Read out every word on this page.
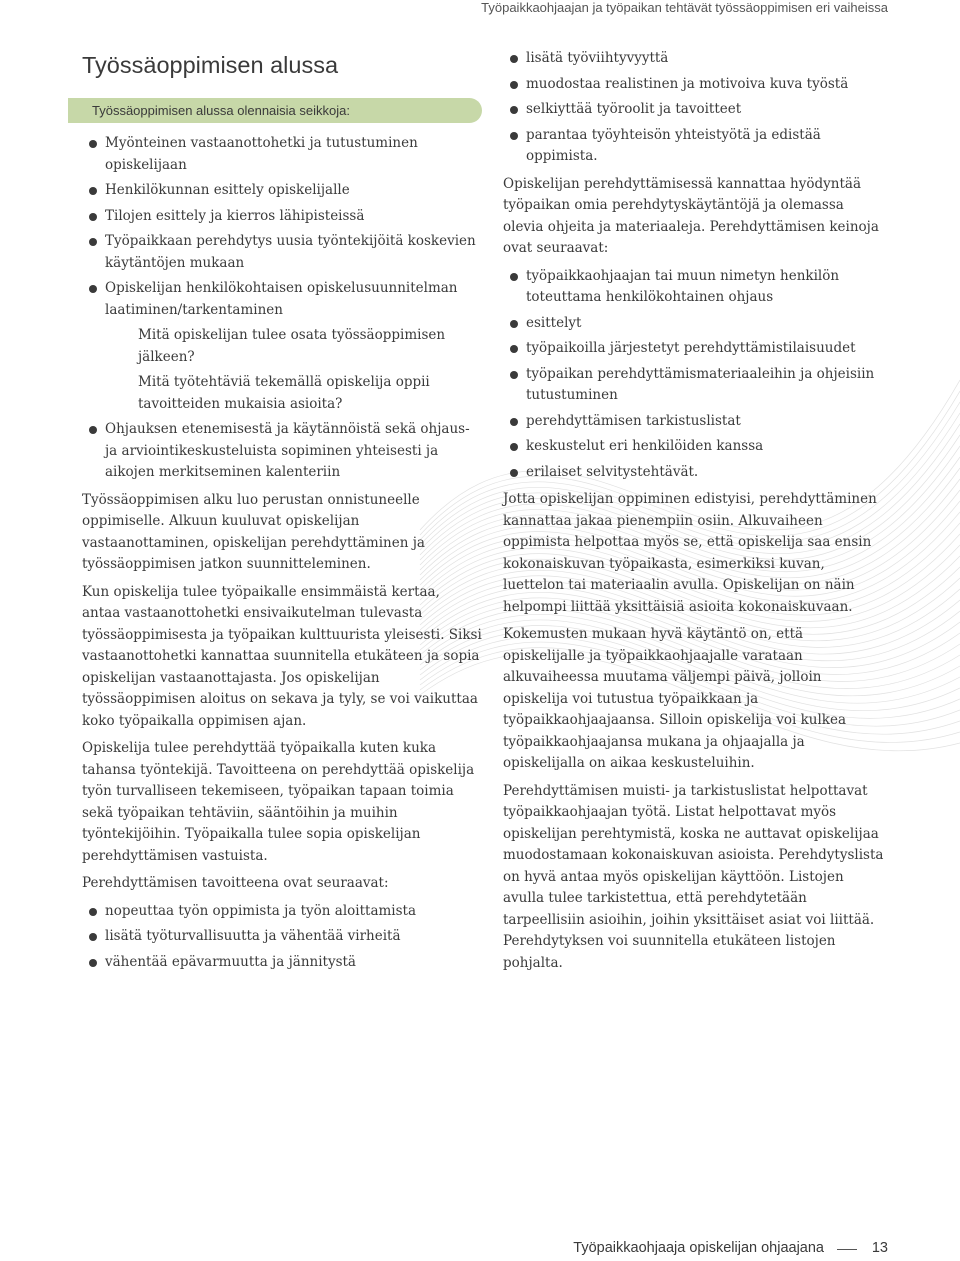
Työpaikkaohjaajan ja työpaikan tehtävät työssäoppimisen eri vaiheissa
Työssäoppimisen alussa
Työssäoppimisen alussa olennaisia seikkoja:
Myönteinen vastaanottohetki ja tutustuminen opiskelijaan
Henkilökunnan esittely opiskelijalle
Tilojen esittely ja kierros lähipisteissä
Työpaikkaan perehdytys uusia työntekijöitä koskevien käytäntöjen mukaan
Opiskelijan henkilökohtaisen opiskelusuunnitelman laatiminen/tarkentaminen
Mitä opiskelijan tulee osata työssäoppimisen jälkeen?
Mitä työtehtäviä tekemällä opiskelija oppii tavoitteiden mukaisia asioita?
Ohjauksen etenemisestä ja käytännöistä sekä ohjaus- ja arviointikeskusteluista sopiminen yhteisesti ja aikojen merkitseminen kalenteriin

Työssäoppimisen alku luo perustan onnistuneelle oppimiselle. Alkuun kuuluvat opiskelijan vastaanottaminen, opiskelijan perehdyttäminen ja työssäoppimisen jatkon suunnitteleminen.

Kun opiskelija tulee työpaikalle ensimmäistä kertaa, antaa vastaanottohetki ensivaikutelman tulevasta työssäoppimisesta ja työpaikan kulttuurista yleisesti. Siksi vastaanottohetki kannattaa suunnitella etukäteen ja sopia opiskelijan vastaanottajasta. Jos opiskelijan työssäoppimisen aloitus on sekava ja tyly, se voi vaikuttaa koko työpaikalla oppimisen ajan.

Opiskelija tulee perehdyttää työpaikalla kuten kuka tahansa työntekijä. Tavoitteena on perehdyttää opiskelija työn turvalliseen tekemiseen, työpaikan tapaan toimia sekä työpaikan tehtäviin, sääntöihin ja muihin työntekijöihin. Työpaikalla tulee sopia opiskelijan perehdyttämisen vastuista.

Perehdyttämisen tavoitteena ovat seuraavat:

nopeuttaa työn oppimista ja työn aloittamista
lisätä työturvallisuutta ja vähentää virheitä
vähentää epävarmuutta ja jännitystä
lisätä työviihtyvyyttä
muodostaa realistinen ja motivoiva kuva työstä
selkiyttää työroolit ja tavoitteet
parantaa työyhteisön yhteistyötä ja edistää oppimista.

Opiskelijan perehdyttämisessä kannattaa hyödyntää työpaikan omia perehdytyskäytäntöjä ja olemassa olevia ohjeita ja materiaaleja. Perehdyttämisen keinoja ovat seuraavat:

työpaikkaohjaajan tai muun nimetyn henkilön toteuttama henkilökohtainen ohjaus
esittelyt
työpaikoilla järjestetyt perehdyttämistilaisuudet
työpaikan perehdyttämismateriaaleihin ja ohjeisiin tutustuminen
perehdyttämisen tarkistuslistat
keskustelut eri henkilöiden kanssa
erilaiset selvitystehtävät.

Jotta opiskelijan oppiminen edistyisi, perehdyttäminen kannattaa jakaa pienempiin osiin. Alkuvaiheen oppimista helpottaa myös se, että opiskelija saa ensin kokonaiskuvan työpaikasta, esimerkiksi kuvan, luettelon tai materiaalin avulla. Opiskelijan on näin helpompi liittää yksittäisiä asioita kokonaiskuvaan.

Kokemusten mukaan hyvä käytäntö on, että opiskelijalle ja työpaikkaohjaajalle varataan alkuvaiheessa muutama väljempi päivä, jolloin opiskelija voi tutustua työpaikkaan ja työpaikkaohjaajaansa. Silloin opiskelija voi kulkea työpaikkaohjaajansa mukana ja ohjaajalla ja opiskelijalla on aikaa keskusteluihin.

Perehdyttämisen muisti- ja tarkistuslistat helpottavat työpaikkaohjaajan työtä. Listat helpottavat myös opiskelijan perehtymistä, koska ne auttavat opiskelijaa muodostamaan kokonaiskuvan asioista. Perehdytyslista on hyvä antaa myös opiskelijan käyttöön. Listojen avulla tulee tarkistettua, että perehdytetään tarpeellisiin asioihin, joihin yksittäiset asiat voi liittää. Perehdytyksen voi suunnitella etukäteen listojen pohjalta.

Työpaikkaohjaaja opiskelijan ohjaajana	13
